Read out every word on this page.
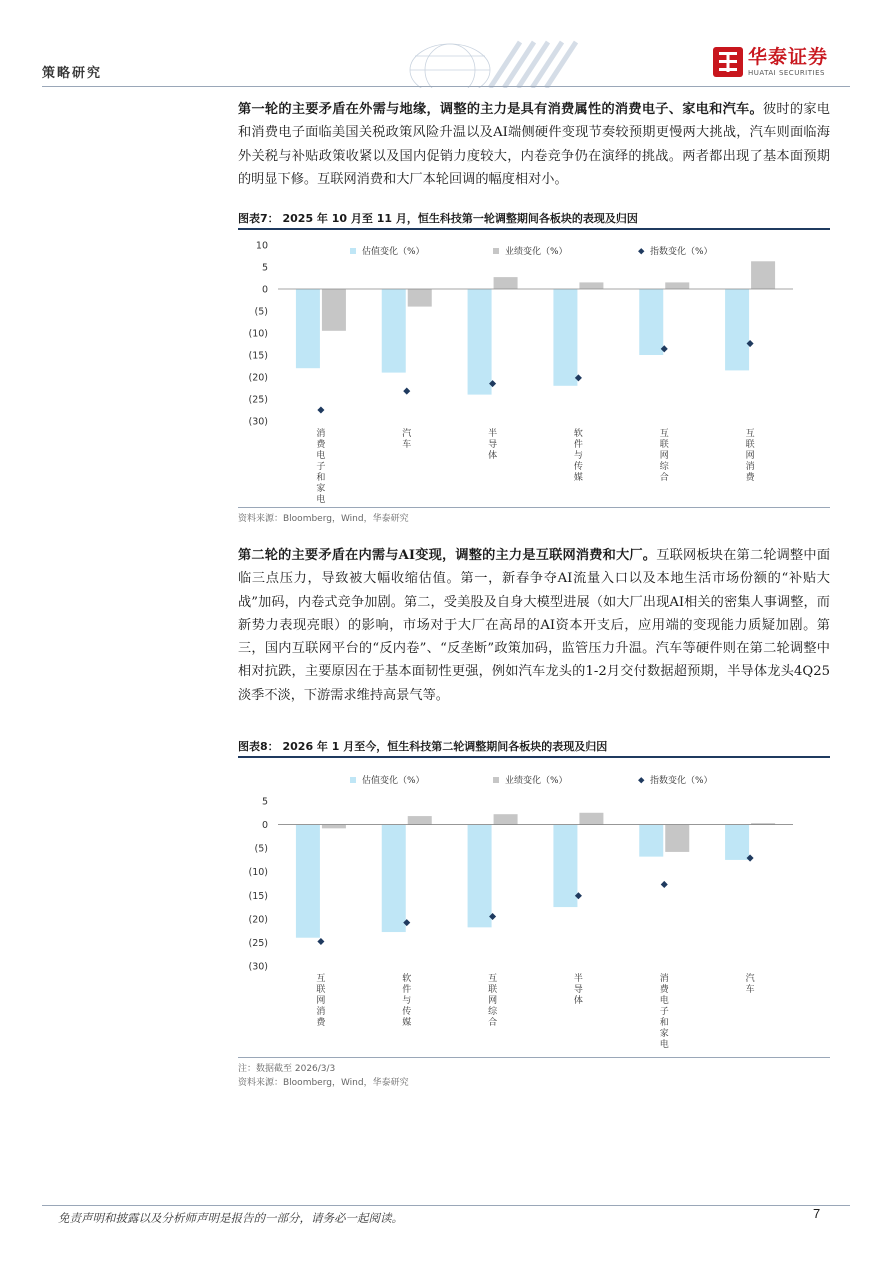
策略研究
华泰证券
HUATAI SECURITIES
第一轮的主要矛盾在外需与地缘，调整的主力是具有消费属性的消费电子、家电和汽车。彼时的家电和消费电子面临美国关税政策风险升温以及AI端侧硬件变现节奏较预期更慢两大挑战，汽车则面临海外关税与补贴政策收紧以及国内促销力度较大，内卷竞争仍在演绎的挑战。两者都出现了基本面预期的明显下修。互联网消费和大厂本轮回调的幅度相对小。
图表7： 2025 年 10 月至 11 月，恒生科技第一轮调整期间各板块的表现及归因
估值变化（%）	业绩变化（%）	指数变化（%）
10
5
0
(5)
(10)
(15)
(20)
(25)
(30)
消
费
电
子
和
家
电
汽
车
半
导
体
软
件
与
传
媒
互
联
网
综
合
互
联
网
消
费
资料来源：Bloomberg，Wind，华泰研究
第二轮的主要矛盾在内需与AI变现，调整的主力是互联网消费和大厂。互联网板块在第二轮调整中面临三点压力，导致被大幅收缩估值。第一，新春争夺AI流量入口以及本地生活市场份额的“补贴大战”加码，内卷式竞争加剧。第二，受美股及自身大模型进展（如大厂出现AI相关的密集人事调整，而新势力表现亮眼）的影响，市场对于大厂在高昂的AI资本开支后，应用端的变现能力质疑加剧。第三，国内互联网平台的“反内卷”、“反垄断”政策加码，监管压力升温。汽车等硬件则在第二轮调整中相对抗跌，主要原因在于基本面韧性更强，例如汽车龙头的1-2月交付数据超预期，半导体龙头4Q25淡季不淡，下游需求维持高景气等。
图表8： 2026 年 1 月至今，恒生科技第二轮调整期间各板块的表现及归因
估值变化（%）	业绩变化（%）	指数变化（%）
5
0
(5)
(10)
(15)
(20)
(25)
(30)
互
联
网
消
费
软
件
与
传
媒
互
联
网
综
合
半
导
体
消
费
电
子
和
家
电
汽
车
注：数据截至 2026/3/3
资料来源：Bloomberg，Wind，华泰研究
免责声明和披露以及分析师声明是报告的一部分，请务必一起阅读。	7
